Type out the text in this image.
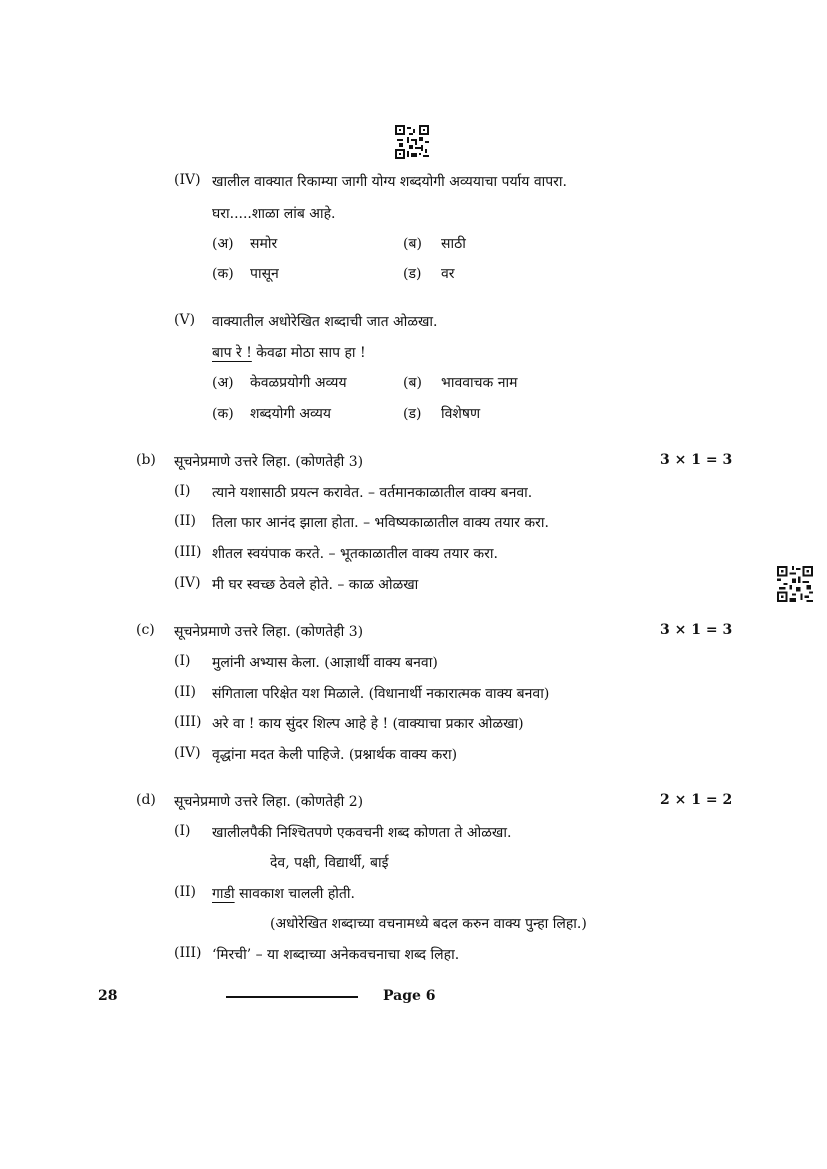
(IV) खालील वाक्यात रिकाम्या जागी योग्य शब्दयोगी अव्ययाचा पर्याय वापरा.
घरा.....शाळा लांब आहे.
(अ) समोर	(ब) साठी
(क) पासून	(ड) वर
(V) वाक्यातील अधोरेखित शब्दाची जात ओळखा.
बाप रे ! केवढा मोठा साप हा !
(अ) केवळप्रयोगी अव्यय	(ब) भाववाचक नाम
(क) शब्दयोगी अव्यय	(ड) विशेषण
(b) सूचनेप्रमाणे उत्तरे लिहा. (कोणतेही 3)	3 × 1 = 3
(I) त्याने यशासाठी प्रयत्न करावेत. – वर्तमानकाळातील वाक्य बनवा.
(II) तिला फार आनंद झाला होता. – भविष्यकाळातील वाक्य तयार करा.
(III) शीतल स्वयंपाक करते. – भूतकाळातील वाक्य तयार करा.
(IV) मी घर स्वच्छ ठेवले होते. – काळ ओळखा
(c) सूचनेप्रमाणे उत्तरे लिहा. (कोणतेही 3)	3 × 1 = 3
(I) मुलांनी अभ्यास केला. (आज्ञार्थी वाक्य बनवा)
(II) संगिताला परिक्षेत यश मिळाले. (विधानार्थी नकारात्मक वाक्य बनवा)
(III) अरे वा ! काय सुंदर शिल्प आहे हे ! (वाक्याचा प्रकार ओळखा)
(IV) वृद्धांना मदत केली पाहिजे. (प्रश्नार्थक वाक्य करा)
(d) सूचनेप्रमाणे उत्तरे लिहा. (कोणतेही 2)	2 × 1 = 2
(I) खालीलपैकी निश्चितपणे एकवचनी शब्द कोणता ते ओळखा.
देव, पक्षी, विद्यार्थी, बाई
(II) गाडी सावकाश चालली होती.
(अधोरेखित शब्दाच्या वचनामध्ये बदल करुन वाक्य पुन्हा लिहा.)
(III) ‘मिरची’ – या शब्दाच्या अनेकवचनाचा शब्द लिहा.
28	Page 6
